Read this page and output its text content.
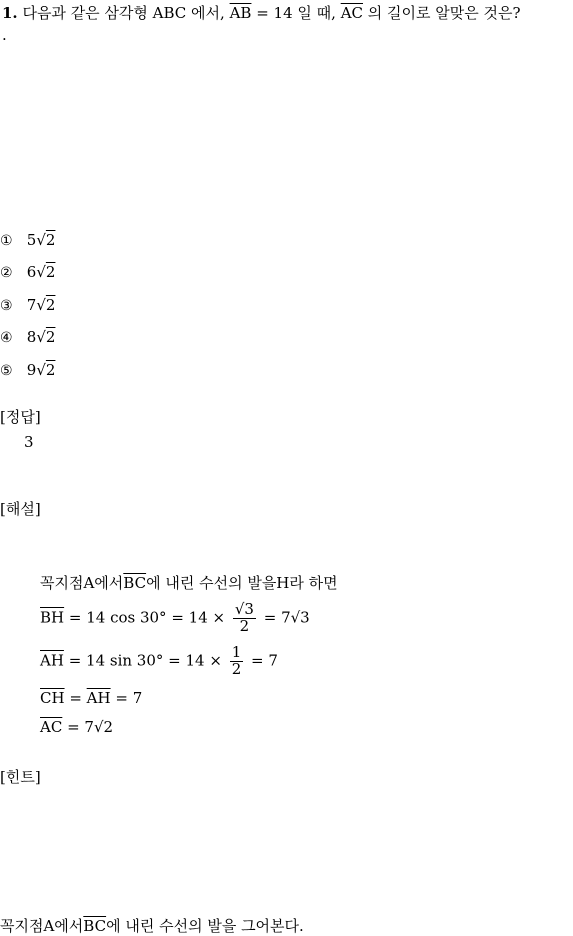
1. 다음과 같은 삼각형 ABC 에서, $\overline{AB} = 14$ 일 때, $\overline{AC}$ 의 길이로 알맞은 것은?
.
① 5√2
② 6√2
③ 7√2
④ 8√2
⑤ 9√2
[정답]
3
[해설]
꼭지점A에서$\overline{BC}$에 내린 수선의 발을H라 하면
$\overline{BH} = 14$ $\cos 30^\circ = 14 \times \frac{√3}{2} = 7√3$
$\overline{AH} = 14$ $\sin 30^\circ = 14 \times \frac{1}{2} = 7$
$\overline{CH} = \overline{AH} = 7$
$\overline{AC} = 7√2$
[힌트]
꼭지점A에서$\overline{BC}$에 내린 수선의 발을 그어본다.
